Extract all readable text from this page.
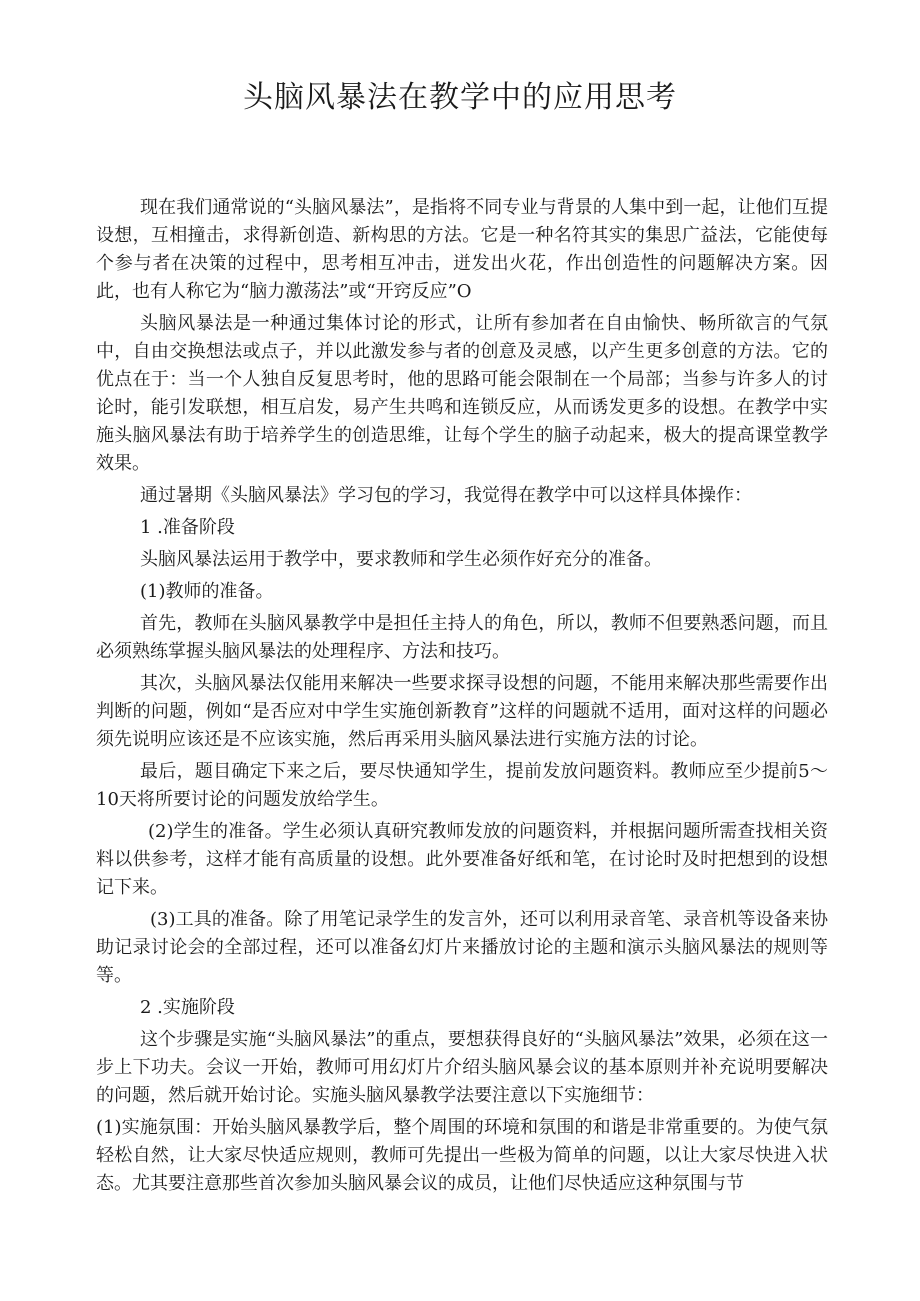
头脑风暴法在教学中的应用思考

现在我们通常说的“头脑风暴法”，是指将不同专业与背景的人集中到一起，让他们互提设想，互相撞击，求得新创造、新构思的方法。它是一种名符其实的集思广益法，它能使每个参与者在决策的过程中，思考相互冲击，迸发出火花，作出创造性的问题解决方案。因此，也有人称它为“脑力激荡法”或“开窍反应”O

头脑风暴法是一种通过集体讨论的形式，让所有参加者在自由愉快、畅所欲言的气氛中，自由交换想法或点子，并以此激发参与者的创意及灵感，以产生更多创意的方法。它的优点在于：当一个人独自反复思考时，他的思路可能会限制在一个局部；当参与许多人的讨论时，能引发联想，相互启发，易产生共鸣和连锁反应，从而诱发更多的设想。在教学中实施头脑风暴法有助于培养学生的创造思维，让每个学生的脑子动起来，极大的提高课堂教学效果。

通过暑期《头脑风暴法》学习包的学习，我觉得在教学中可以这样具体操作：

1 .准备阶段

头脑风暴法运用于教学中，要求教师和学生必须作好充分的准备。

(1)教师的准备。

首先，教师在头脑风暴教学中是担任主持人的角色，所以，教师不但要熟悉问题，而且必须熟练掌握头脑风暴法的处理程序、方法和技巧。

其次，头脑风暴法仅能用来解决一些要求探寻设想的问题，不能用来解决那些需要作出判断的问题，例如“是否应对中学生实施创新教育”这样的问题就不适用，面对这样的问题必须先说明应该还是不应该实施，然后再采用头脑风暴法进行实施方法的讨论。

最后，题目确定下来之后，要尽快通知学生，提前发放问题资料。教师应至少提前5～10天将所要讨论的问题发放给学生。

(2)学生的准备。学生必须认真研究教师发放的问题资料，并根据问题所需查找相关资料以供参考，这样才能有高质量的设想。此外要准备好纸和笔，在讨论时及时把想到的设想记下来。

(3)工具的准备。除了用笔记录学生的发言外，还可以利用录音笔、录音机等设备来协助记录讨论会的全部过程，还可以准备幻灯片来播放讨论的主题和演示头脑风暴法的规则等等。

2 .实施阶段

这个步骤是实施“头脑风暴法”的重点，要想获得良好的“头脑风暴法”效果，必须在这一步上下功夫。会议一开始，教师可用幻灯片介绍头脑风暴会议的基本原则并补充说明要解决的问题，然后就开始讨论。实施头脑风暴教学法要注意以下实施细节：

(1)实施氛围：开始头脑风暴教学后，整个周围的环境和氛围的和谐是非常重要的。为使气氛轻松自然，让大家尽快适应规则，教师可先提出一些极为简单的问题，以让大家尽快进入状态。尤其要注意那些首次参加头脑风暴会议的成员，让他们尽快适应这种氛围与节
